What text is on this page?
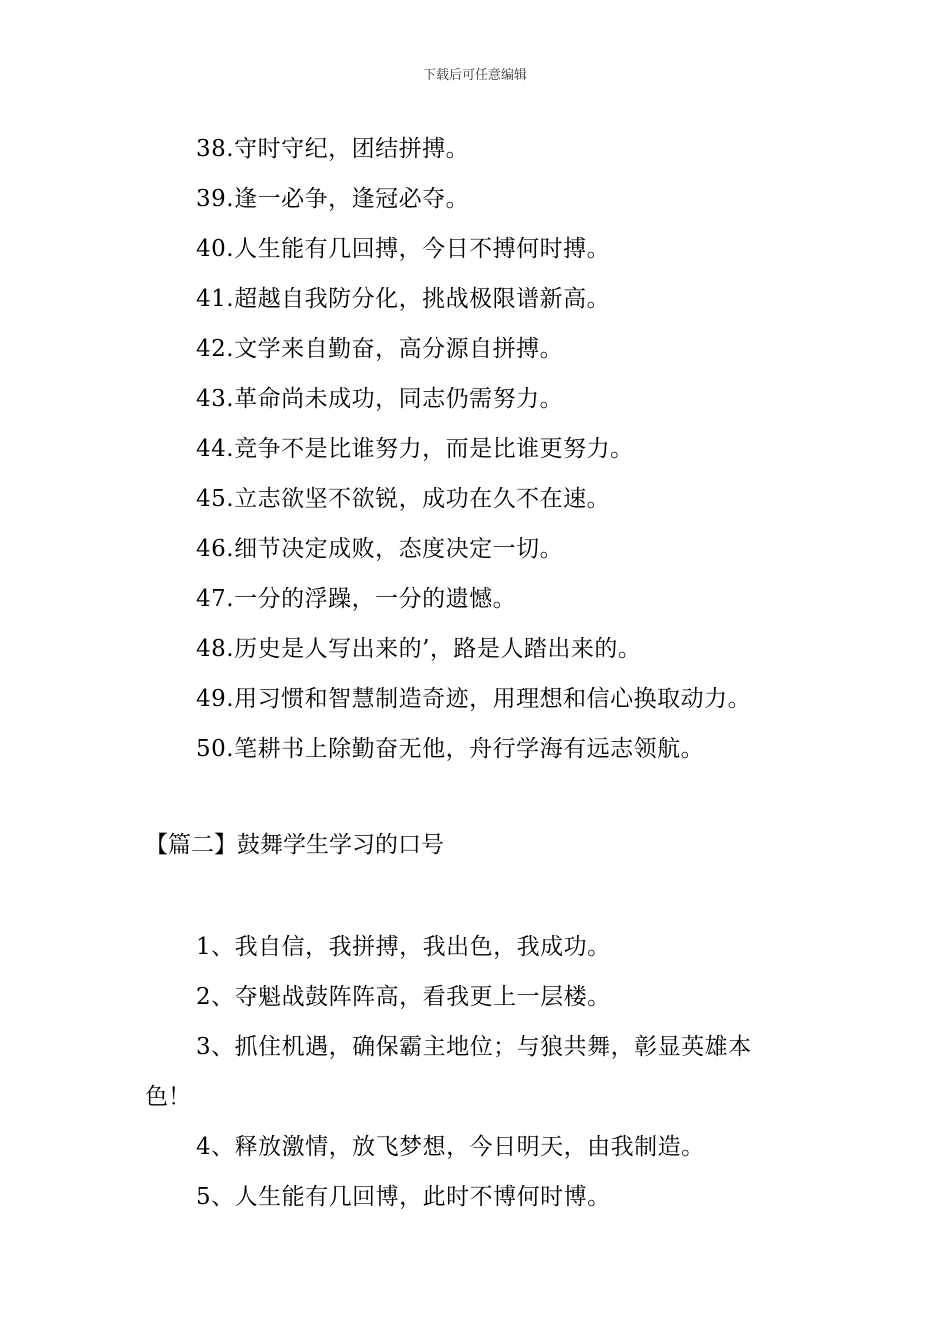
下载后可任意编辑
38.守时守纪，团结拼搏。
39.逢一必争，逢冠必夺。
40.人生能有几回搏，今日不搏何时搏。
41.超越自我防分化，挑战极限谱新高。
42.文学来自勤奋，高分源自拼搏。
43.革命尚未成功，同志仍需努力。
44.竞争不是比谁努力，而是比谁更努力。
45.立志欲坚不欲锐，成功在久不在速。
46.细节决定成败，态度决定一切。
47.一分的浮躁，一分的遗憾。
48.历史是人写出来的’，路是人踏出来的。
49.用习惯和智慧制造奇迹，用理想和信心换取动力。
50.笔耕书上除勤奋无他，舟行学海有远志领航。
【篇二】鼓舞学生学习的口号
1、我自信，我拼搏，我出色，我成功。
2、夺魁战鼓阵阵高，看我更上一层楼。
3、抓住机遇，确保霸主地位；与狼共舞，彰显英雄本
色！
4、释放激情，放飞梦想，今日明天，由我制造。
5、人生能有几回博，此时不博何时博。
